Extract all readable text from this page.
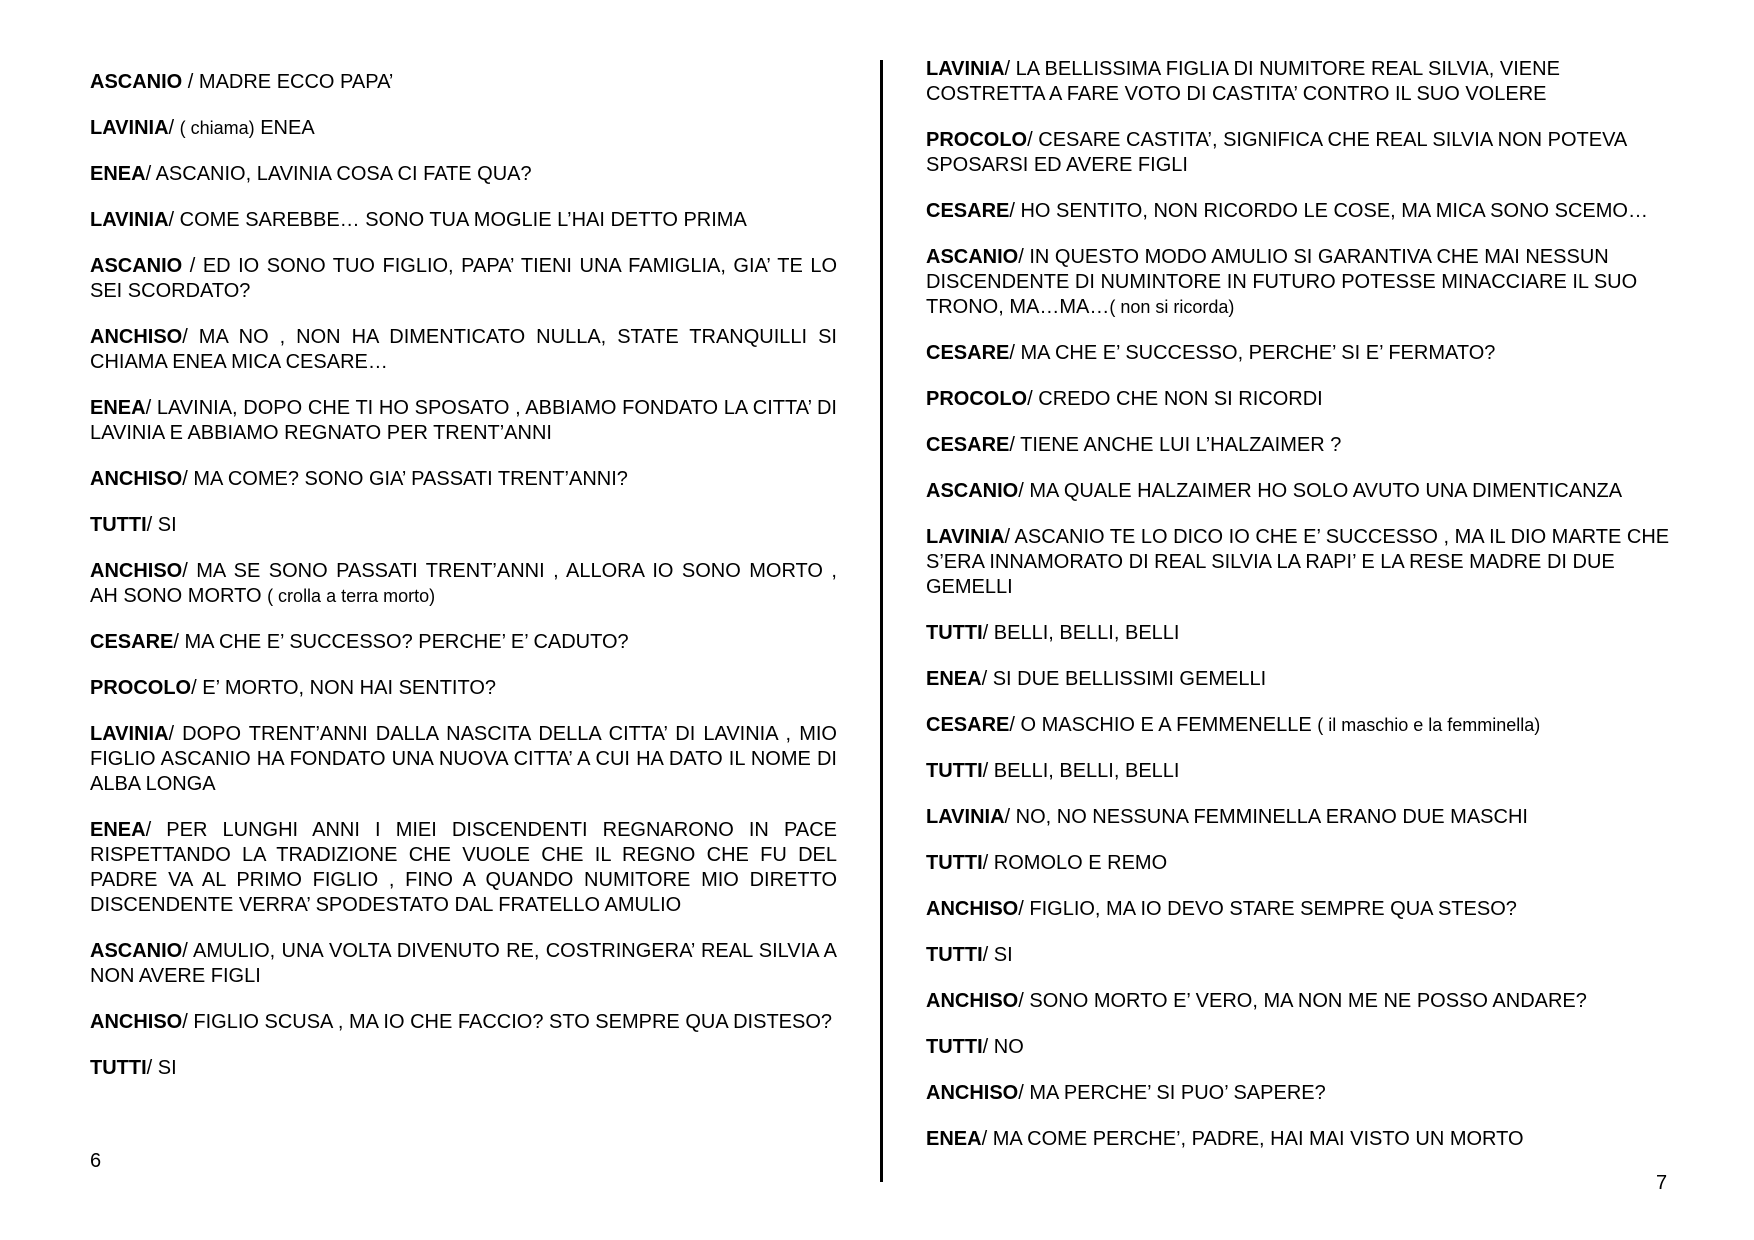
ASCANIO / MADRE ECCO PAPA’

LAVINIA/ ( chiama) ENEA

ENEA/ ASCANIO, LAVINIA COSA CI FATE QUA?

LAVINIA/ COME SAREBBE… SONO TUA MOGLIE L’HAI DETTO PRIMA

ASCANIO / ED IO SONO TUO FIGLIO, PAPA’ TIENI UNA FAMIGLIA, GIA’ TE LO SEI SCORDATO?

ANCHISO/ MA NO , NON HA DIMENTICATO NULLA, STATE TRANQUILLI SI CHIAMA ENEA MICA CESARE…

ENEA/ LAVINIA, DOPO CHE TI HO SPOSATO , ABBIAMO FONDATO LA CITTA’ DI LAVINIA E ABBIAMO REGNATO PER TRENT’ANNI

ANCHISO/ MA COME? SONO GIA’ PASSATI TRENT’ANNI?

TUTTI/ SI

ANCHISO/ MA SE SONO PASSATI TRENT’ANNI , ALLORA IO SONO MORTO , AH SONO MORTO ( crolla a terra morto)

CESARE/ MA CHE E’ SUCCESSO? PERCHE’ E’ CADUTO?

PROCOLO/ E’ MORTO, NON HAI SENTITO?

LAVINIA/ DOPO TRENT’ANNI DALLA NASCITA DELLA CITTA’ DI LAVINIA , MIO FIGLIO ASCANIO HA FONDATO UNA NUOVA CITTA’ A CUI HA DATO IL NOME DI ALBA LONGA

ENEA/ PER LUNGHI ANNI I MIEI DISCENDENTI REGNARONO IN PACE RISPETTANDO LA TRADIZIONE CHE VUOLE CHE IL REGNO CHE FU DEL PADRE VA AL PRIMO FIGLIO , FINO A QUANDO NUMITORE MIO DIRETTO DISCENDENTE VERRA’ SPODESTATO DAL FRATELLO AMULIO

ASCANIO/ AMULIO, UNA VOLTA DIVENUTO RE, COSTRINGERA’ REAL SILVIA A NON AVERE FIGLI

ANCHISO/ FIGLIO SCUSA , MA IO CHE FACCIO? STO SEMPRE QUA DISTESO?

TUTTI/ SI

6

LAVINIA/ LA BELLISSIMA FIGLIA DI NUMITORE REAL SILVIA, VIENE COSTRETTA A FARE VOTO DI CASTITA’ CONTRO IL SUO VOLERE

PROCOLO/ CESARE CASTITA’, SIGNIFICA CHE REAL SILVIA NON POTEVA SPOSARSI ED AVERE FIGLI

CESARE/ HO SENTITO, NON RICORDO LE COSE, MA MICA SONO SCEMO…

ASCANIO/ IN QUESTO MODO AMULIO SI GARANTIVA CHE MAI NESSUN DISCENDENTE DI NUMINTORE IN FUTURO POTESSE MINACCIARE IL SUO TRONO, MA…MA…( non si ricorda)

CESARE/ MA CHE E’ SUCCESSO, PERCHE’ SI E’ FERMATO?

PROCOLO/ CREDO CHE NON SI RICORDI

CESARE/ TIENE ANCHE LUI L’HALZAIMER ?

ASCANIO/ MA QUALE HALZAIMER HO SOLO AVUTO UNA DIMENTICANZA

LAVINIA/ ASCANIO TE LO DICO IO CHE E’ SUCCESSO , MA IL DIO MARTE CHE S’ERA INNAMORATO DI REAL SILVIA LA RAPI’ E LA RESE MADRE DI DUE GEMELLI

TUTTI/ BELLI, BELLI, BELLI

ENEA/ SI DUE BELLISSIMI GEMELLI

CESARE/ O MASCHIO E A FEMMENELLE ( il maschio e la femminella)

TUTTI/ BELLI, BELLI, BELLI

LAVINIA/ NO, NO NESSUNA FEMMINELLA ERANO DUE MASCHI

TUTTI/ ROMOLO E REMO

ANCHISO/ FIGLIO, MA IO DEVO STARE SEMPRE QUA STESO?

TUTTI/ SI

ANCHISO/ SONO MORTO E’ VERO, MA NON ME NE POSSO ANDARE?

TUTTI/ NO

ANCHISO/ MA PERCHE’ SI PUO’ SAPERE?

ENEA/ MA COME PERCHE’, PADRE, HAI MAI VISTO UN MORTO

7
